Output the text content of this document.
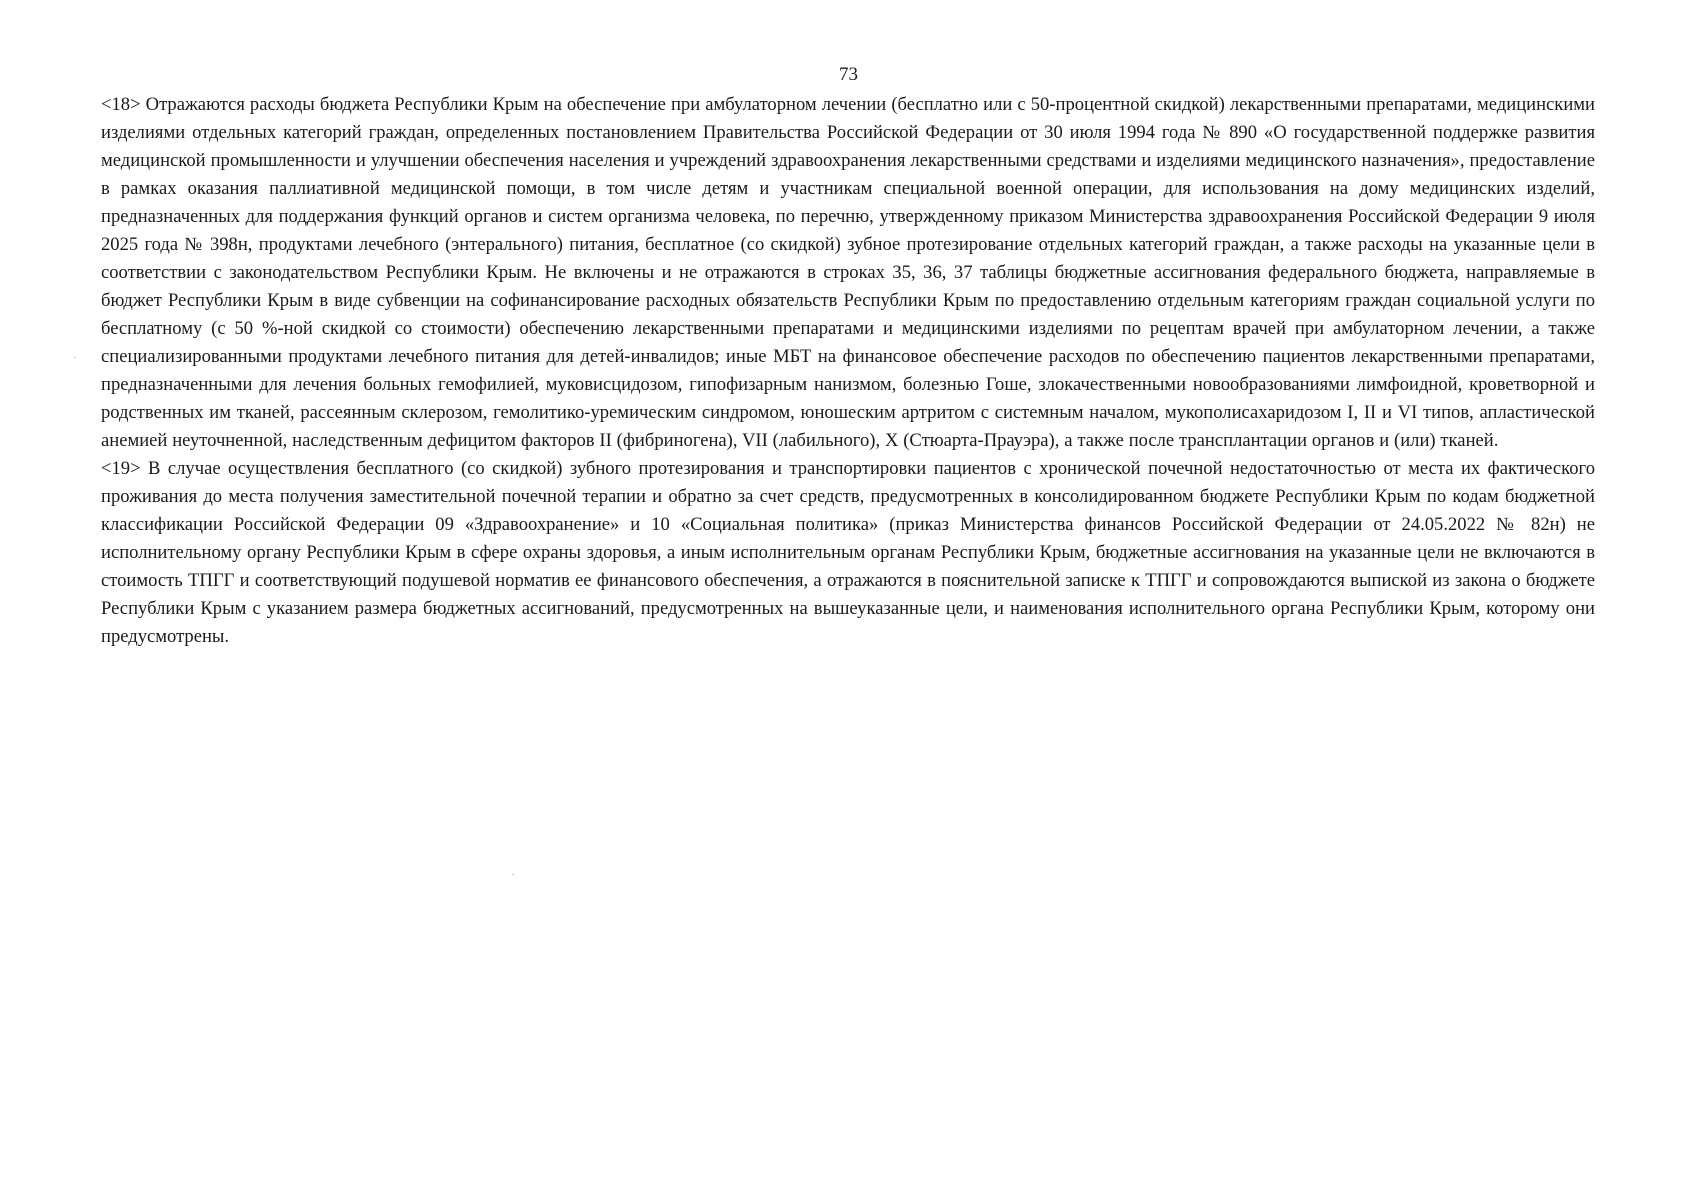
73

<18> Отражаются расходы бюджета Республики Крым на обеспечение при амбулаторном лечении (бесплатно или с 50-процентной скидкой) лекарственными препаратами, медицинскими изделиями отдельных категорий граждан, определенных постановлением Правительства Российской Федерации от 30 июля 1994 года № 890 «О государственной поддержке развития медицинской промышленности и улучшении обеспечения населения и учреждений здравоохранения лекарственными средствами и изделиями медицинского назначения», предоставление в рамках оказания паллиативной медицинской помощи, в том числе детям и участникам специальной военной операции, для использования на дому медицинских изделий, предназначенных для поддержания функций органов и систем организма человека, по перечню, утвержденному приказом Министерства здравоохранения Российской Федерации 9 июля 2025 года № 398н, продуктами лечебного (энтерального) питания, бесплатное (со скидкой) зубное протезирование отдельных категорий граждан, а также расходы на указанные цели в соответствии с законодательством Республики Крым. Не включены и не отражаются в строках 35, 36, 37 таблицы бюджетные ассигнования федерального бюджета, направляемые в бюджет Республики Крым в виде субвенции на софинансирование расходных обязательств Республики Крым по предоставлению отдельным категориям граждан социальной услуги по бесплатному (с 50 %-ной скидкой со стоимости) обеспечению лекарственными препаратами и медицинскими изделиями по рецептам врачей при амбулаторном лечении, а также специализированными продуктами лечебного питания для детей-инвалидов; иные МБТ на финансовое обеспечение расходов по обеспечению пациентов лекарственными препаратами, предназначенными для лечения больных гемофилией, муковисцидозом, гипофизарным нанизмом, болезнью Гоше, злокачественными новообразованиями лимфоидной, кроветворной и родственных им тканей, рассеянным склерозом, гемолитико-уремическим синдромом, юношеским артритом с системным началом, мукополисахаридозом I, II и VI типов, апластической анемией неуточненной, наследственным дефицитом факторов II (фибриногена), VII (лабильного), X (Стюарта-Прауэра), а также после трансплантации органов и (или) тканей.

<19> В случае осуществления бесплатного (со скидкой) зубного протезирования и транспортировки пациентов с хронической почечной недостаточностью от места их фактического проживания до места получения заместительной почечной терапии и обратно за счет средств, предусмотренных в консолидированном бюджете Республики Крым по кодам бюджетной классификации Российской Федерации 09 «Здравоохранение» и 10 «Социальная политика» (приказ Министерства финансов Российской Федерации от 24.05.2022 № 82н) не исполнительному органу Республики Крым в сфере охраны здоровья, а иным исполнительным органам Республики Крым, бюджетные ассигнования на указанные цели не включаются в стоимость ТПГГ и соответствующий подушевой норматив ее финансового обеспечения, а отражаются в пояснительной записке к ТПГГ и сопровождаются выпиской из закона о бюджете Республики Крым с указанием размера бюджетных ассигнований, предусмотренных на вышеуказанные цели, и наименования исполнительного органа Республики Крым, которому они предусмотрены.
